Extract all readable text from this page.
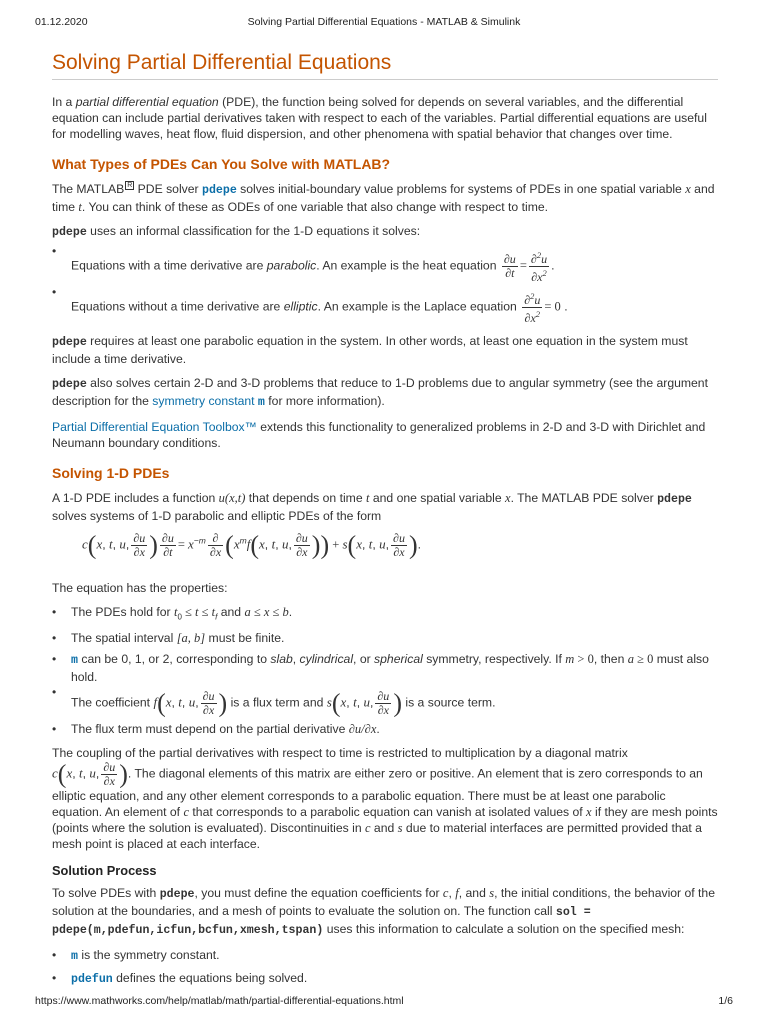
01.12.2020	Solving Partial Differential Equations - MATLAB & Simulink
Solving Partial Differential Equations

In a partial differential equation (PDE), the function being solved for depends on several variables, and the differential equation can include partial derivatives taken with respect to each of the variables. Partial differential equations are useful for modelling waves, heat flow, fluid dispersion, and other phenomena with spatial behavior that changes over time.

What Types of PDEs Can You Solve with MATLAB?

The MATLAB R PDE solver pdepe solves initial-boundary value problems for systems of PDEs in one spatial variable x and time t. You can think of these as ODEs of one variable that also change with respect to time.

pdepe uses an informal classification for the 1-D equations it solves:

• Equations with a time derivative are parabolic. An example is the heat equation $\frac{\partial u}{\partial t} = \frac{\partial^2u}{\partial x^2}$ .
• Equations without a time derivative are elliptic. An example is the Laplace equation $\frac{\partial^2u}{\partial x^2} = 0$ .

pdepe requires at least one parabolic equation in the system. In other words, at least one equation in the system must include a time derivative.

pdepe also solves certain 2-D and 3-D problems that reduce to 1-D problems due to angular symmetry (see the argument description for the symmetry constant m for more information).

Partial Differential Equation Toolbox™ extends this functionality to generalized problems in 2-D and 3-D with Dirichlet and Neumann boundary conditions.

Solving 1-D PDEs

A 1-D PDE includes a function u(x,t) that depends on time t and one spatial variable x. The MATLAB PDE solver pdepe solves systems of 1-D parabolic and elliptic PDEs of the form

c(x, t, u, $\frac{\partial u}{\partial x}$ ) $\frac{\partial u}{\partial t} = x^{-m} \frac{\partial}{\partial x} (x^mf(x$, t, u, $\frac{\partial u}{\partial x}$ )) + s(x, t, u, $\frac{\partial u}{\partial x}$ ).

The equation has the properties:

• The PDEs hold for $t_0 \le t \le t_f$ and a ≤ x ≤ b.
• The spatial interval [a, b] must be finite.
• m can be 0, 1, or 2, corresponding to slab, cylindrical, or spherical symmetry, respectively. If m > 0, then a ≥ 0 must also hold.
• The coefficient f(x, t, u, $\frac{\partial u}{\partial x}$ ) is a flux term and s(x, t, u, $\frac{\partial u}{\partial x}$ ) is a source term.
• The flux term must depend on the partial derivative ∂u/∂x.

The coupling of the partial derivatives with respect to time is restricted to multiplication by a diagonal matrix
c(x, t, u, $\frac{\partial u}{\partial x}$ ). The diagonal elements of this matrix are either zero or positive. An element that is zero corresponds to an elliptic equation, and any other element corresponds to a parabolic equation. There must be at least one parabolic equation. An element of c that corresponds to a parabolic equation can vanish at isolated values of x if they are mesh points (points where the solution is evaluated). Discontinuities in c and s due to material interfaces are permitted provided that a mesh point is placed at each interface.

Solution Process

To solve PDEs with pdepe, you must define the equation coefficients for c, f, and s, the initial conditions, the behavior of the solution at the boundaries, and a mesh of points to evaluate the solution on. The function call sol = pdepe(m,pdefun,icfun,bcfun,xmesh,tspan) uses this information to calculate a solution on the specified mesh:

• m is the symmetry constant.
• pdefun defines the equations being solved.
https://www.mathworks.com/help/matlab/math/partial-differential-equations.html	1/6
